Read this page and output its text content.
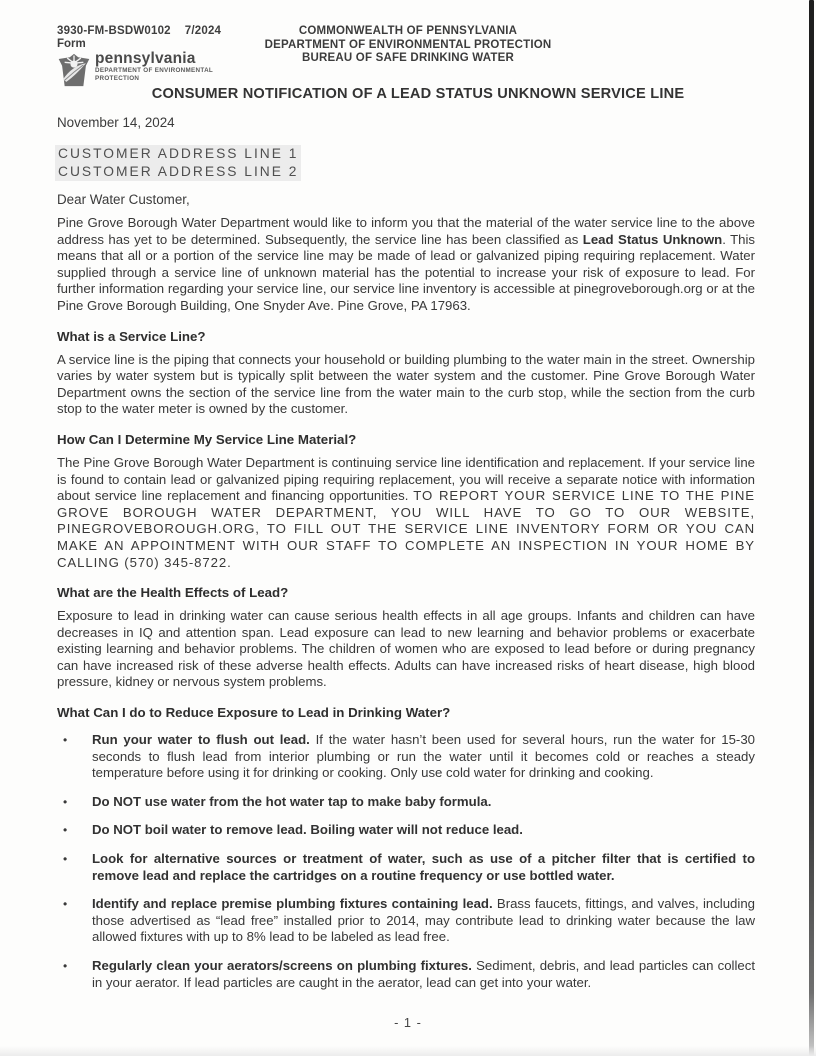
3930-FM-BSDW0102 7/2024
Form
pennsylvania
DEPARTMENT OF ENVIRONMENTAL
PROTECTION
COMMONWEALTH OF PENNSYLVANIA
DEPARTMENT OF ENVIRONMENTAL PROTECTION
BUREAU OF SAFE DRINKING WATER
CONSUMER NOTIFICATION OF A LEAD STATUS UNKNOWN SERVICE LINE
November 14, 2024
CUSTOMER ADDRESS LINE 1
CUSTOMER ADDRESS LINE 2
Dear Water Customer,

Pine Grove Borough Water Department would like to inform you that the material of the water service line to the above address has yet to be determined. Subsequently, the service line has been classified as Lead Status Unknown. This means that all or a portion of the service line may be made of lead or galvanized piping requiring replacement. Water supplied through a service line of unknown material has the potential to increase your risk of exposure to lead. For further information regarding your service line, our service line inventory is accessible at pinegroveborough.org or at the Pine Grove Borough Building, One Snyder Ave. Pine Grove, PA 17963.

What is a Service Line?

A service line is the piping that connects your household or building plumbing to the water main in the street. Ownership varies by water system but is typically split between the water system and the customer. Pine Grove Borough Water Department owns the section of the service line from the water main to the curb stop, while the section from the curb stop to the water meter is owned by the customer.

How Can I Determine My Service Line Material?

The Pine Grove Borough Water Department is continuing service line identification and replacement. If your service line is found to contain lead or galvanized piping requiring replacement, you will receive a separate notice with information about service line replacement and financing opportunities. TO REPORT YOUR SERVICE LINE TO THE PINE GROVE BOROUGH WATER DEPARTMENT, YOU WILL HAVE TO GO TO OUR WEBSITE, PINEGROVEBOROUGH.ORG, TO FILL OUT THE SERVICE LINE INVENTORY FORM OR YOU CAN MAKE AN APPOINTMENT WITH OUR STAFF TO COMPLETE AN INSPECTION IN YOUR HOME BY CALLING (570) 345-8722.

What are the Health Effects of Lead?

Exposure to lead in drinking water can cause serious health effects in all age groups. Infants and children can have decreases in IQ and attention span. Lead exposure can lead to new learning and behavior problems or exacerbate existing learning and behavior problems. The children of women who are exposed to lead before or during pregnancy can have increased risk of these adverse health effects. Adults can have increased risks of heart disease, high blood pressure, kidney or nervous system problems.

What Can I do to Reduce Exposure to Lead in Drinking Water?
•	Run your water to flush out lead. If the water hasn’t been used for several hours, run the water for 15-30 seconds to flush lead from interior plumbing or run the water until it becomes cold or reaches a steady temperature before using it for drinking or cooking. Only use cold water for drinking and cooking.
•	Do NOT use water from the hot water tap to make baby formula.
•	Do NOT boil water to remove lead. Boiling water will not reduce lead.
•	Look for alternative sources or treatment of water, such as use of a pitcher filter that is certified to remove lead and replace the cartridges on a routine frequency or use bottled water.
•	Identify and replace premise plumbing fixtures containing lead. Brass faucets, fittings, and valves, including those advertised as “lead free” installed prior to 2014, may contribute lead to drinking water because the law allowed fixtures with up to 8% lead to be labeled as lead free.
•	Regularly clean your aerators/screens on plumbing fixtures. Sediment, debris, and lead particles can collect in your aerator. If lead particles are caught in the aerator, lead can get into your water.
- 1 -
